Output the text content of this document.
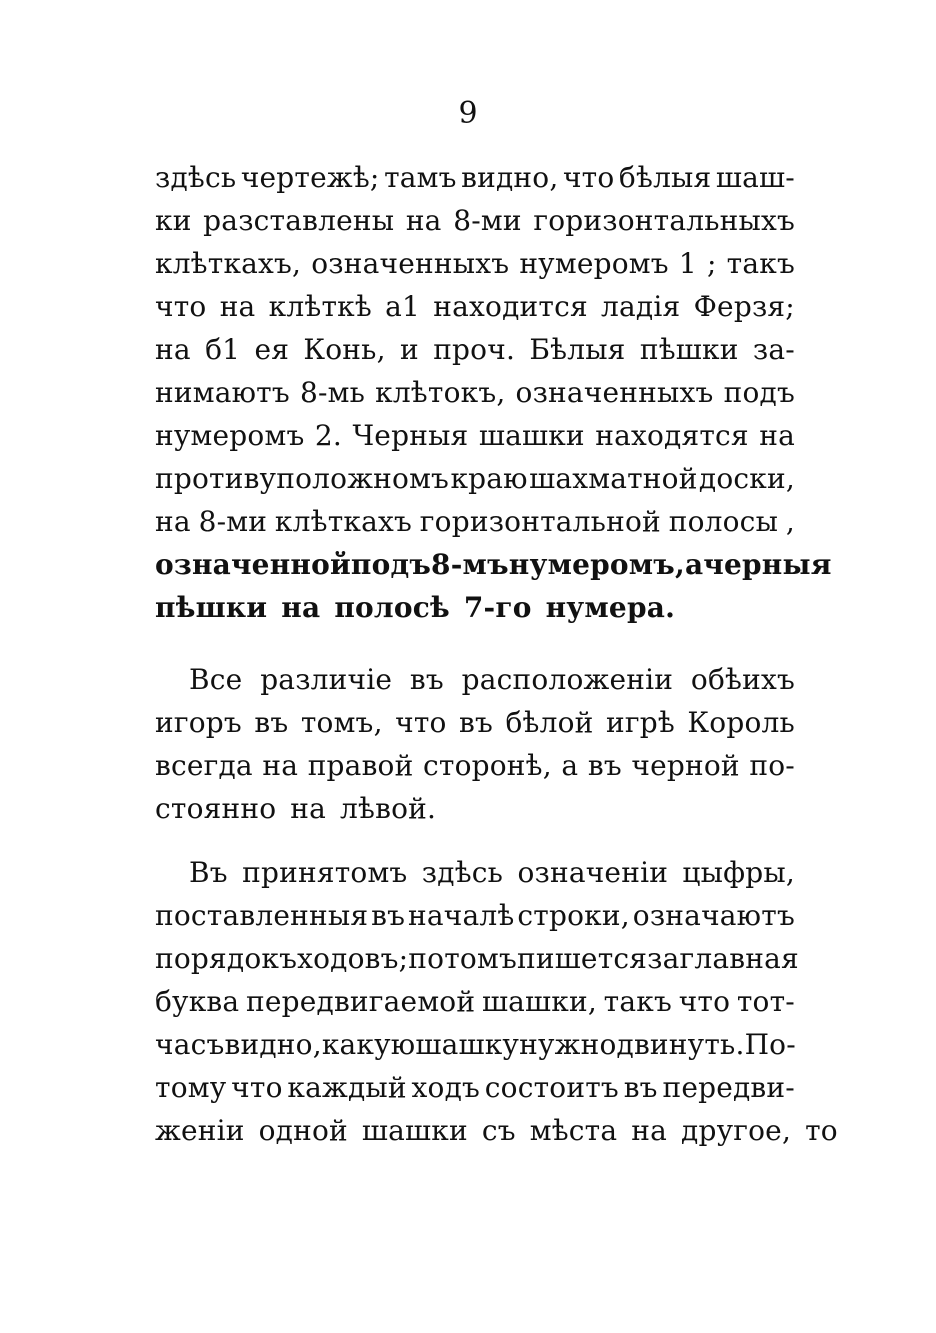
9
здѣсь чертежѣ; тамъ видно, что бѣлыя шаш-
ки разставлены на 8-ми горизонтальныхъ
клѣткахъ, означенныхъ нумеромъ 1 ; такъ
что на клѣткѣ a1 находится ладія Ферзя;
на б1 ея Конь, и проч. Бѣлыя пѣшки за-
нимаютъ 8-мь клѣтокъ, означенныхъ подъ
нумеромъ 2. Черныя шашки находятся на
противуположномъ краю шахматной доски,
на 8-ми клѣткахъ горизонтальной полосы ,
означенной подъ 8-мъ нумеромъ, а черныя
пѣшки на полосѣ 7-го нумера.
Все различіе въ расположеніи обѣихъ
игоръ въ томъ, что въ бѣлой игрѣ Король
всегда на правой сторонѣ, а въ черной по-
стоянно на лѣвой.
Въ принятомъ здѣсь означеніи цыфры,
поставленныя въ началѣ строки, означаютъ
порядокъ ходовъ; потомъ пишется заглавная
буква передвигаемой шашки, такъ что тот-
часъ видно, какую шашку нужно двинуть. По-
тому что каждый ходъ состоитъ въ передви-
женіи одной шашки съ мѣста на другое, то
